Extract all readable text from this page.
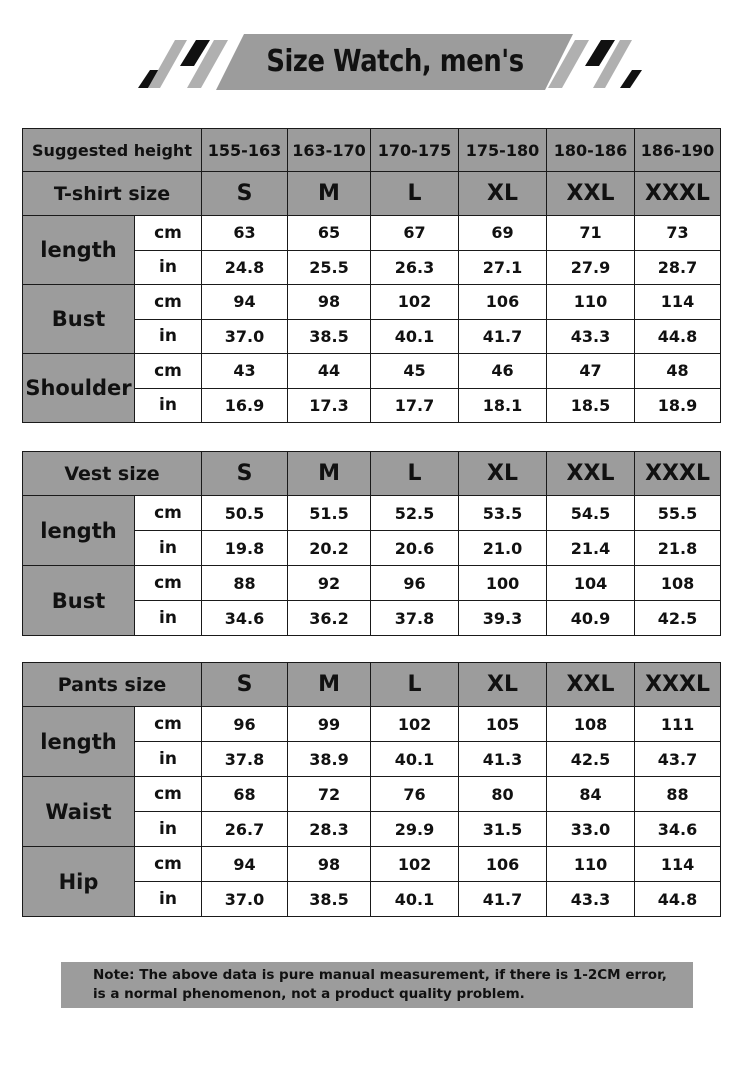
Size Watch, men's
Suggested height		155-163	163-170	170-175	175-180	180-186	186-190
T-shirt size		S	M	L	XL	XXL	XXXL
length	cm	63	65	67	69	71	73
	in	24.8	25.5	26.3	27.1	27.9	28.7
Bust	cm	94	98	102	106	110	114
	in	37.0	38.5	40.1	41.7	43.3	44.8
Shoulder	cm	43	44	45	46	47	48
	in	16.9	17.3	17.7	18.1	18.5	18.9
Vest size		S	M	L	XL	XXL	XXXL
length	cm	50.5	51.5	52.5	53.5	54.5	55.5
	in	19.8	20.2	20.6	21.0	21.4	21.8
Bust	cm	88	92	96	100	104	108
	in	34.6	36.2	37.8	39.3	40.9	42.5
Pants size		S	M	L	XL	XXL	XXXL
length	cm	96	99	102	105	108	111
	in	37.8	38.9	40.1	41.3	42.5	43.7
Waist	cm	68	72	76	80	84	88
	in	26.7	28.3	29.9	31.5	33.0	34.6
Hip	cm	94	98	102	106	110	114
	in	37.0	38.5	40.1	41.7	43.3	44.8
Note: The above data is pure manual measurement, if there is 1-2CM error,
is a normal phenomenon, not a product quality problem.
